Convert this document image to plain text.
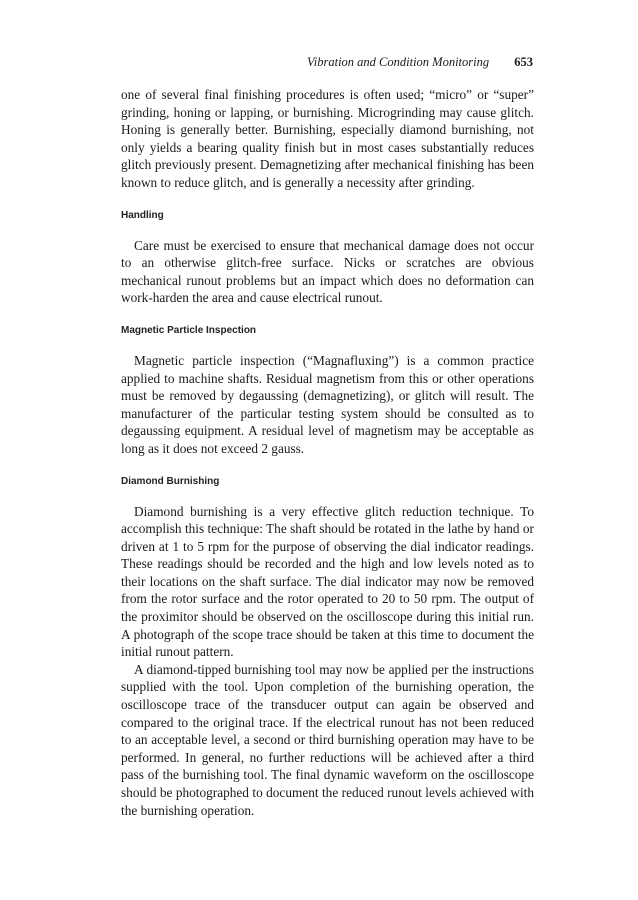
Vibration and Condition Monitoring 653

one of several final finishing procedures is often used; “micro” or “super” grinding, honing or lapping, or burnishing. Microgrinding may cause glitch. Honing is generally better. Burnishing, especially diamond burnishing, not only yields a bearing quality finish but in most cases substantially reduces glitch previously present. Demagnetizing after mechanical finishing has been known to reduce glitch, and is generally a necessity after grinding.

Handling

Care must be exercised to ensure that mechanical damage does not occur to an otherwise glitch-free surface. Nicks or scratches are obvious mechanical runout problems but an impact which does no deformation can work-harden the area and cause electrical runout.

Magnetic Particle Inspection

Magnetic particle inspection (“Magnafluxing”) is a common practice applied to machine shafts. Residual magnetism from this or other operations must be removed by degaussing (demagnetizing), or glitch will result. The manufacturer of the particular testing system should be consulted as to degaussing equipment. A residual level of magnetism may be acceptable as long as it does not exceed 2 gauss.

Diamond Burnishing

Diamond burnishing is a very effective glitch reduction technique. To accomplish this technique: The shaft should be rotated in the lathe by hand or driven at 1 to 5 rpm for the purpose of observing the dial indicator readings. These readings should be recorded and the high and low levels noted as to their locations on the shaft surface. The dial indicator may now be removed from the rotor surface and the rotor operated to 20 to 50 rpm. The output of the proximitor should be observed on the oscilloscope during this initial run. A photograph of the scope trace should be taken at this time to document the initial runout pattern.

A diamond-tipped burnishing tool may now be applied per the instructions supplied with the tool. Upon completion of the burnishing operation, the oscilloscope trace of the transducer output can again be observed and compared to the original trace. If the electrical runout has not been reduced to an acceptable level, a second or third burnishing operation may have to be performed. In general, no further reductions will be achieved after a third pass of the burnishing tool. The final dynamic waveform on the oscilloscope should be photographed to document the reduced runout levels achieved with the burnishing operation.
